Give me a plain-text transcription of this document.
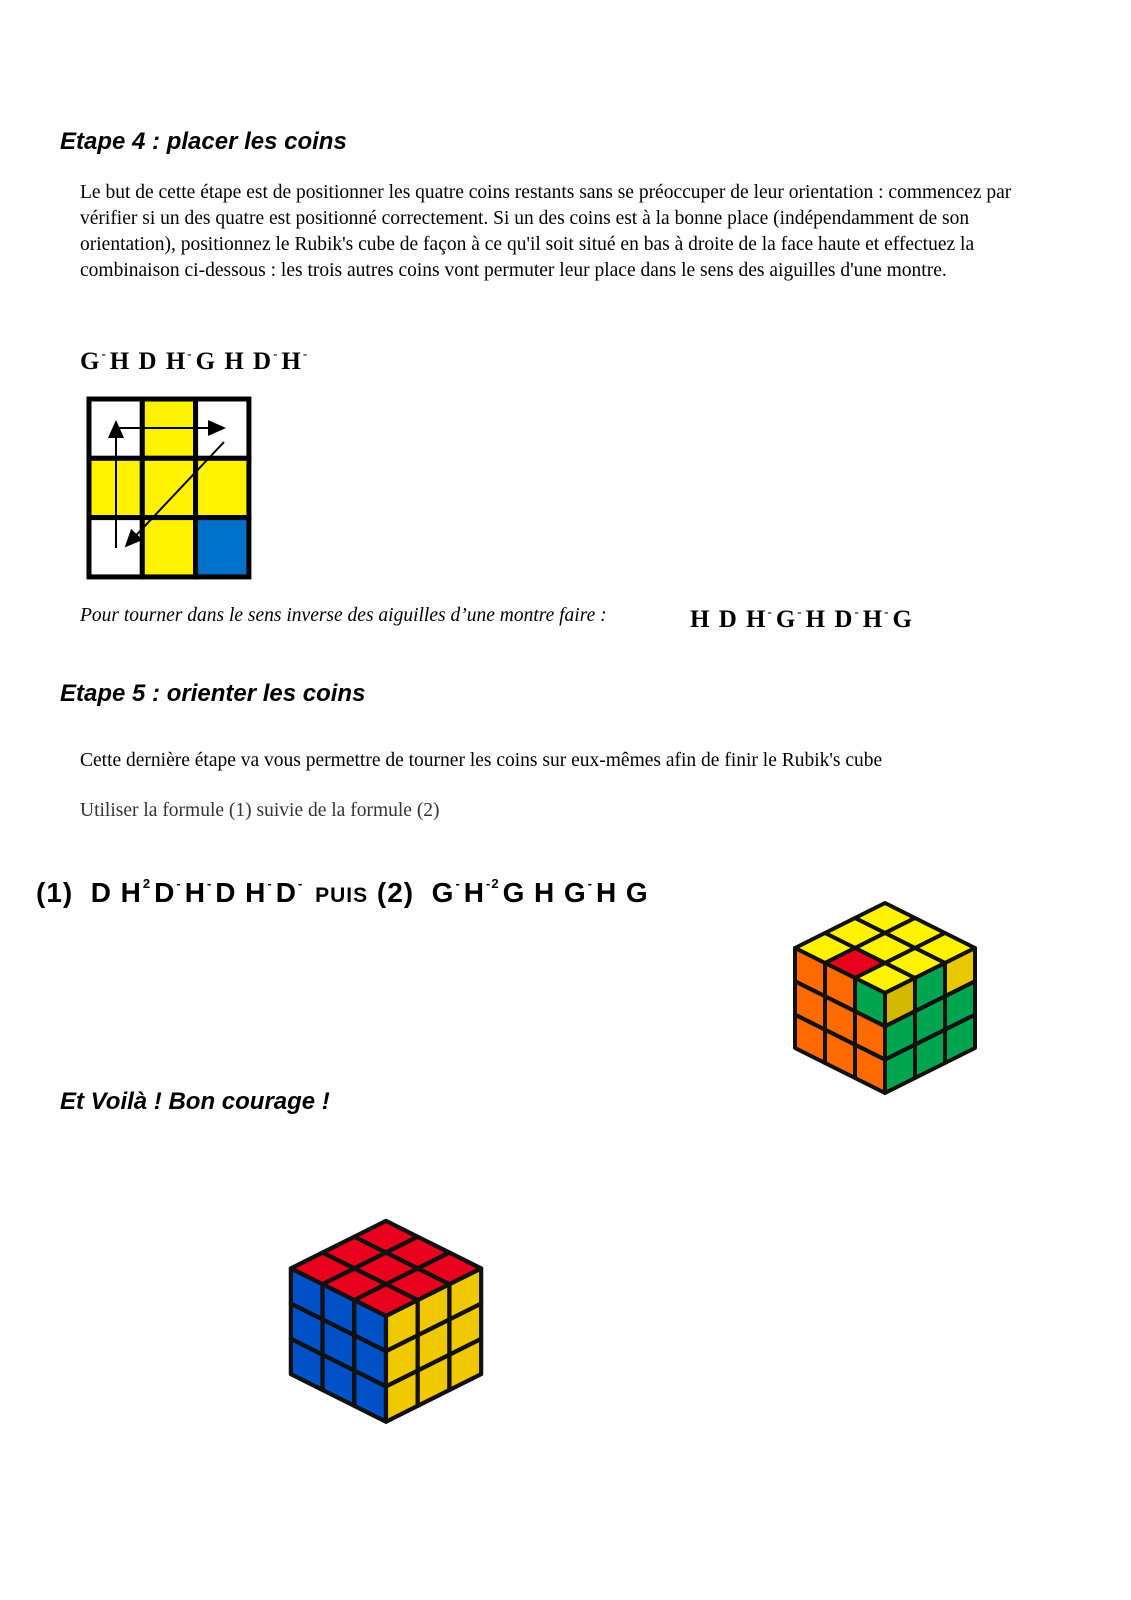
Etape 4 : placer les coins
Le but de cette étape est de positionner les quatre coins restants sans se préoccuper de leur orientation : commencez par vérifier si un des quatre est positionné correctement. Si un des coins est à la bonne place (indépendamment de son orientation), positionnez le Rubik's cube de façon à ce qu'il soit situé en bas à droite de la face haute et effectuez la combinaison ci-dessous : les trois autres coins vont permuter leur place dans le sens des aiguilles d'une montre.
G- H D H- G H D- H-
Pour tourner dans le sens inverse des aiguilles d’une montre faire :	H D H- G- H D- H- G
Etape 5 : orienter les coins
Cette dernière étape va vous permettre de tourner les coins sur eux-mêmes afin de finir le Rubik's cube
Utiliser la formule (1) suivie de la formule (2)
(1) D $H^2$ D- H- D H- D- PUIS (2) G- $H^{-2}$ G H G- H G
Et Voilà ! Bon courage !
